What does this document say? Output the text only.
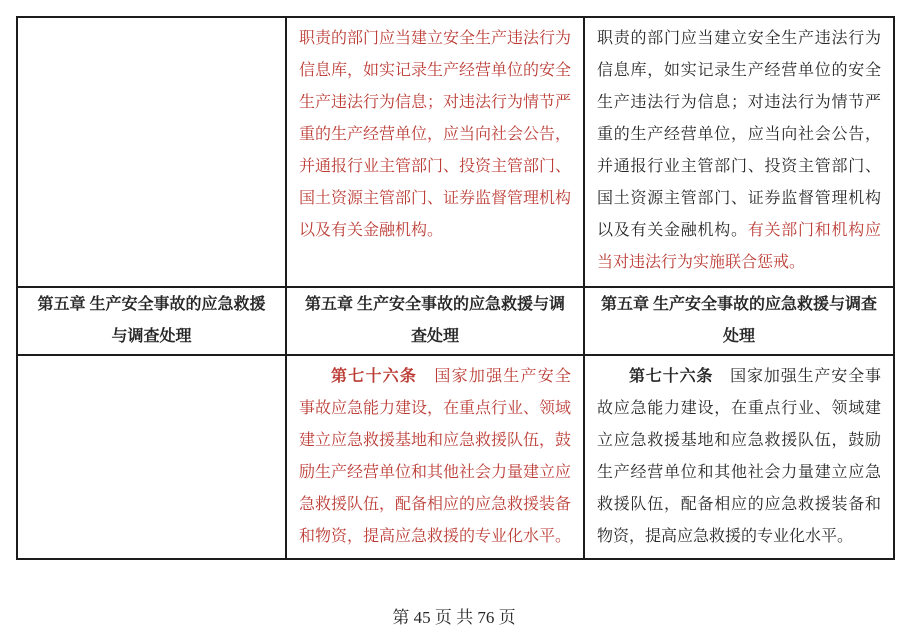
职责的部门应当建立安全生产违法行为信息库，如实记录生产经营单位的安全生产违法行为信息；对违法行为情节严重的生产经营单位，应当向社会公告，并通报行业主管部门、投资主管部门、国土资源主管部门、证券监督管理机构以及有关金融机构。
职责的部门应当建立安全生产违法行为信息库，如实记录生产经营单位的安全生产违法行为信息；对违法行为情节严重的生产经营单位，应当向社会公告，并通报行业主管部门、投资主管部门、国土资源主管部门、证券监督管理机构以及有关金融机构。有关部门和机构应当对违法行为实施联合惩戒。
第五章 生产安全事故的应急救援与调查处理
第五章 生产安全事故的应急救援与调查处理
第五章 生产安全事故的应急救援与调查处理
第七十六条　国家加强生产安全事故应急能力建设，在重点行业、领域建立应急救援基地和应急救援队伍，鼓励生产经营单位和其他社会力量建立应急救援队伍，配备相应的应急救援装备和物资，提高应急救援的专业化水平。
第七十六条　国家加强生产安全事故应急能力建设，在重点行业、领域建立应急救援基地和应急救援队伍，鼓励生产经营单位和其他社会力量建立应急救援队伍，配备相应的应急救援装备和物资，提高应急救援的专业化水平。
第 45 页 共 76 页
